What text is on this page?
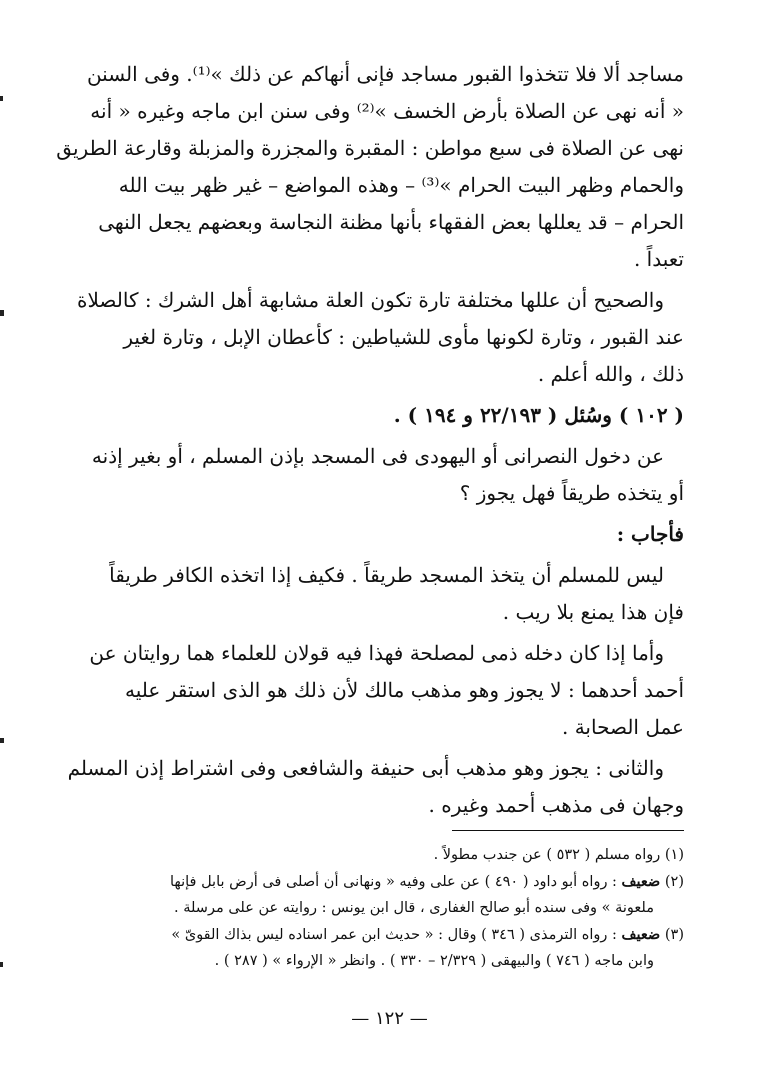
مساجد ألا فلا تتخذوا القبور مساجد فإنى أنهاكم عن ذلك »⁽¹⁾. وفى السنن
« أنه نهى عن الصلاة بأرض الخسف »⁽²⁾ وفى سنن ابن ماجه وغيره « أنه
نهى عن الصلاة فى سبع مواطن : المقبرة والمجزرة والمزبلة وقارعة الطريق
والحمام وظهر البيت الحرام »⁽³⁾ – وهذه المواضع – غير ظهر بيت الله
الحرام – قد يعللها بعض الفقهاء بأنها مظنة النجاسة وبعضهم يجعل النهى
تعبداً .
والصحيح أن عللها مختلفة تارة تكون العلة مشابهة أهل الشرك : كالصلاة
عند القبور ، وتارة لكونها مأوى للشياطين : كأعطان الإبل ، وتارة لغير
ذلك ، والله أعلم .
( ١٠٢ ) وسُئل ( ٢٢/١٩٣ و ١٩٤ ) .
عن دخول النصرانى أو اليهودى فى المسجد بإذن المسلم ، أو بغير إذنه
أو يتخذه طريقاً فهل يجوز ؟
فأجاب :
ليس للمسلم أن يتخذ المسجد طريقاً . فكيف إذا اتخذه الكافر طريقاً
فإن هذا يمنع بلا ريب .
وأما إذا كان دخله ذمى لمصلحة فهذا فيه قولان للعلماء هما روايتان عن
أحمد أحدهما : لا يجوز وهو مذهب مالك لأن ذلك هو الذى استقر عليه
عمل الصحابة .
والثانى : يجوز وهو مذهب أبى حنيفة والشافعى وفى اشتراط إذن المسلم
وجهان فى مذهب أحمد وغيره .
(١) رواه مسلم ( ٥٣٢ ) عن جندب مطولاً .
(٢) ضعيف : رواه أبو داود ( ٤٩٠ ) عن على وفيه « ونهانى أن أصلى فى أرض بابل فإنها
ملعونة » وفى سنده أبو صالح الغفارى ، قال ابن يونس : روايته عن على مرسلة .
(٣) ضعيف : رواه الترمذى ( ٣٤٦ ) وقال : « حديث ابن عمر اسناده ليس بذاك القوىّ »
وابن ماجه ( ٧٤٦ ) والبيهقى ( ٢/٣٢٩ – ٣٣٠ ) . وانظر « الإرواء » ( ٢٨٧ ) .
— ١٢٢ —
